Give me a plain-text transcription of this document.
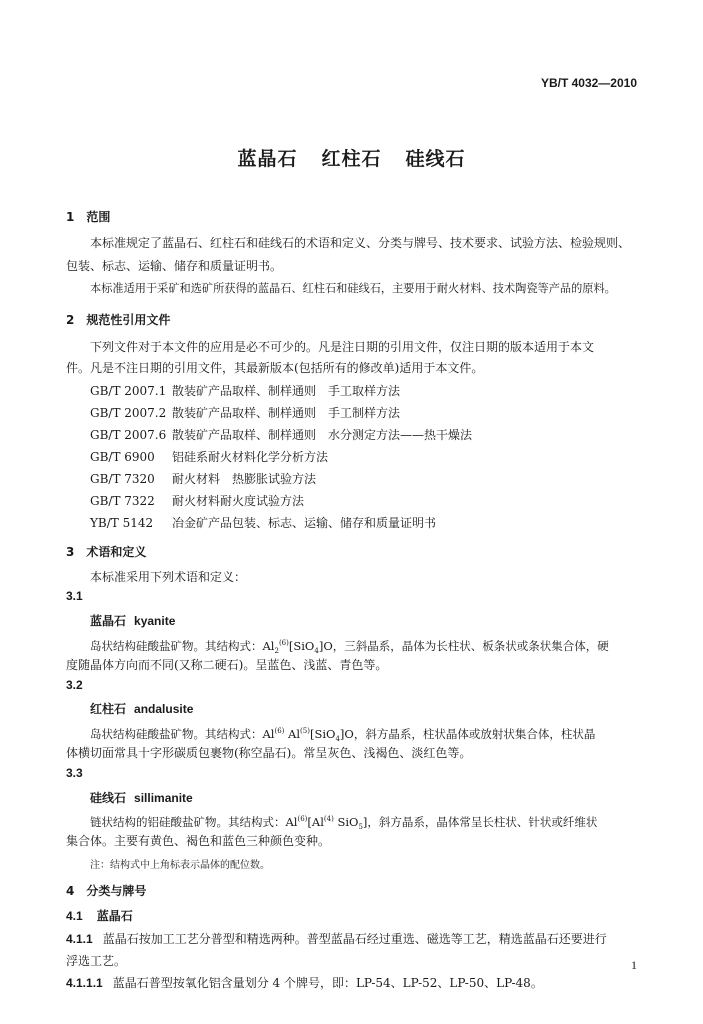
YB/T 4032—2010
蓝晶石 红柱石 硅线石
1　范围
本标准规定了蓝晶石、红柱石和硅线石的术语和定义、分类与牌号、技术要求、试验方法、检验规则、
包装、标志、运输、储存和质量证明书。
本标准适用于采矿和选矿所获得的蓝晶石、红柱石和硅线石，主要用于耐火材料、技术陶瓷等产品的原料。
2　规范性引用文件
下列文件对于本文件的应用是必不可少的。凡是注日期的引用文件，仅注日期的版本适用于本文
件。凡是不注日期的引用文件，其最新版本(包括所有的修改单)适用于本文件。
GB/T 2007.1 散装矿产品取样、制样通则　手工取样方法
GB/T 2007.2 散装矿产品取样、制样通则　手工制样方法
GB/T 2007.6 散装矿产品取样、制样通则　水分测定方法——热干燥法
GB/T 6900 铝硅系耐火材料化学分析方法
GB/T 7320 耐火材料　热膨胀试验方法
GB/T 7322 耐火材料耐火度试验方法
YB/T 5142 冶金矿产品包装、标志、运输、储存和质量证明书
3　术语和定义
本标准采用下列术语和定义：
3.1
蓝晶石 kyanite
岛状结构硅酸盐矿物。其结构式：$Al_2^{(6)}[SiO_4]O$，三斜晶系，晶体为长柱状、板条状或条状集合体，硬
度随晶体方向而不同(又称二硬石)。呈蓝色、浅蓝、青色等。
3.2
红柱石 andalusite
岛状结构硅酸盐矿物。其结构式：Al$^{(6)}$ $Al^{(5)}[SiO_4]O$，斜方晶系，柱状晶体或放射状集合体，柱状晶
体横切面常具十字形碳质包裹物(称空晶石)。常呈灰色、浅褐色、淡红色等。
3.3
硅线石 sillimanite
链状结构的铝硅酸盐矿物。其结构式：Al$^{(6)}$[Al$^{(4)}$ SiO$_5$]，斜方晶系，晶体常呈长柱状、针状或纤维状
集合体。主要有黄色、褐色和蓝色三种颜色变种。
注：结构式中上角标表示晶体的配位数。
4　分类与牌号
4.1 蓝晶石
4.1.1 蓝晶石按加工工艺分普型和精选两种。普型蓝晶石经过重选、磁选等工艺，精选蓝晶石还要进行
浮选工艺。
4.1.1.1 蓝晶石普型按氧化铝含量划分 4 个牌号，即：LP-54、LP-52、LP-50、LP-48。
1
